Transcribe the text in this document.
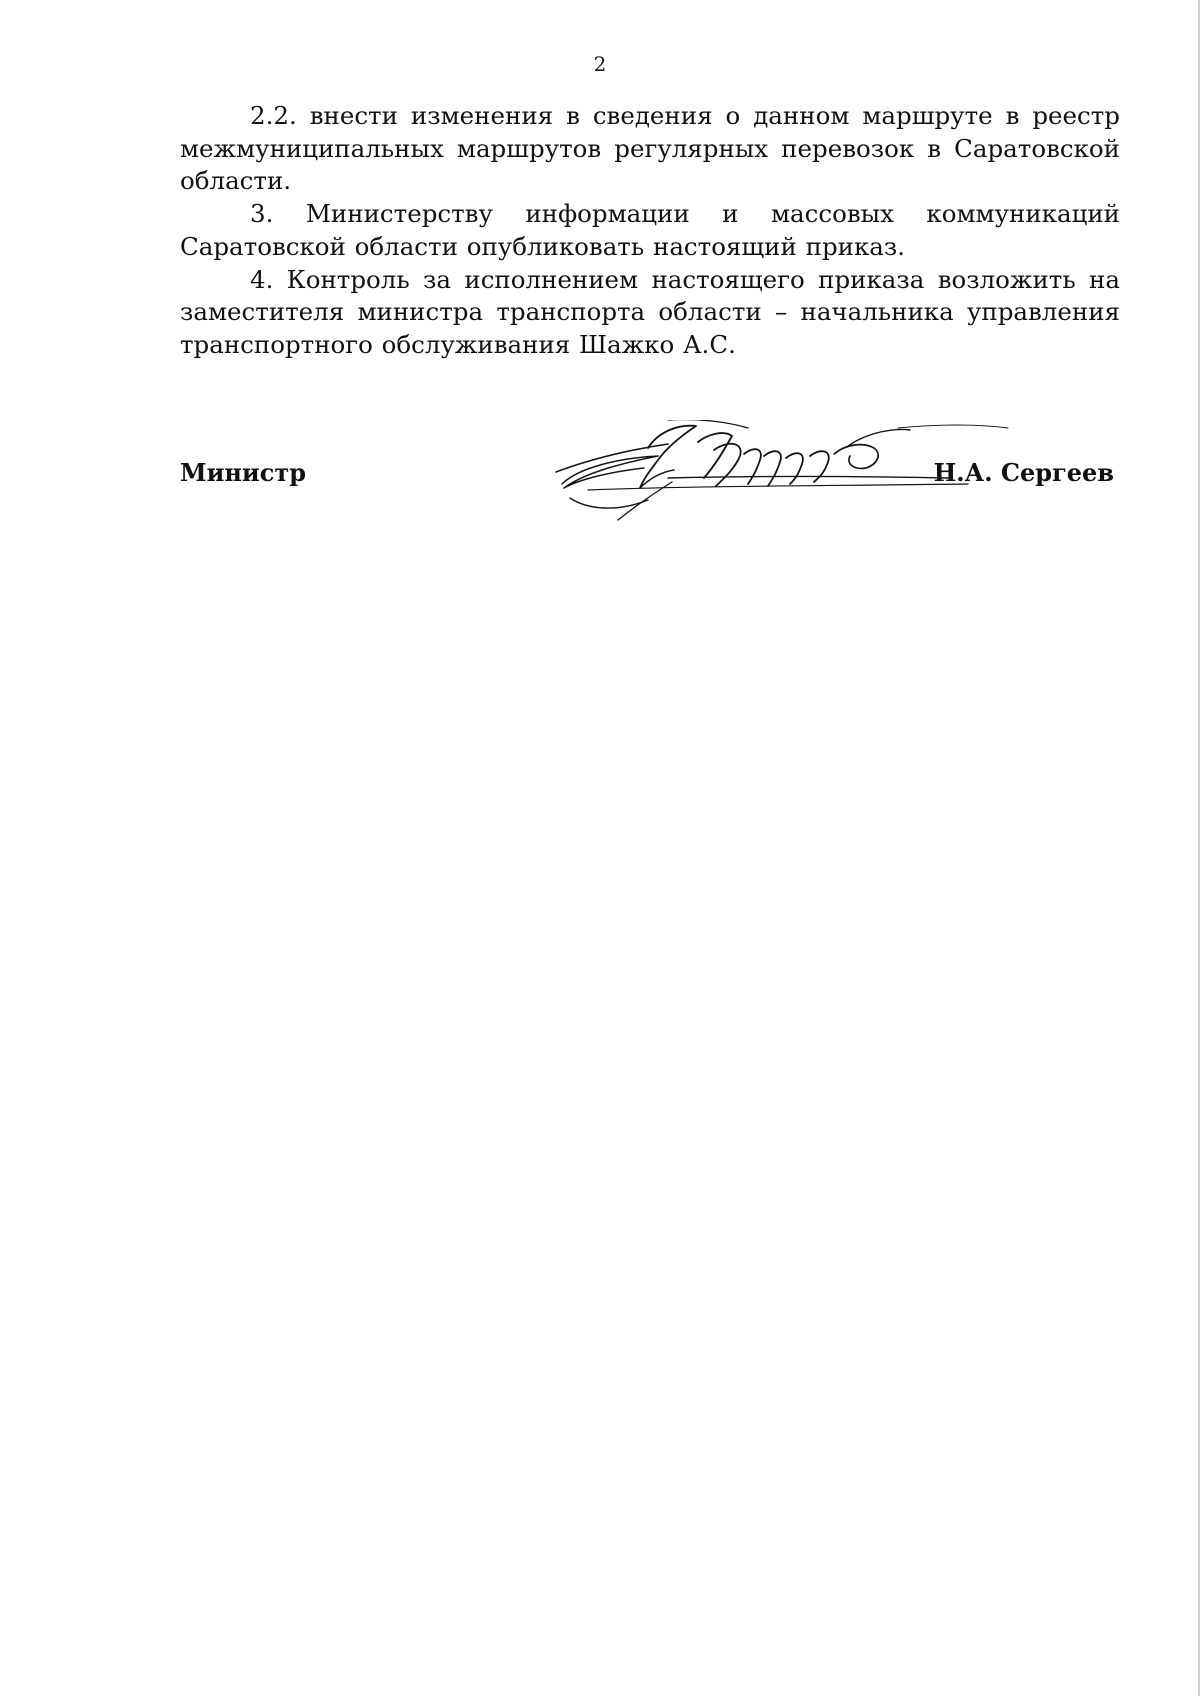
2

2.2. внести изменения в сведения о данном маршруте в реестр межмуниципальных маршрутов регулярных перевозок в Саратовской области.

3. Министерству информации и массовых коммуникаций Саратовской области опубликовать настоящий приказ.

4. Контроль за исполнением настоящего приказа возложить на заместителя министра транспорта области – начальника управления транспортного обслуживания Шажко А.С.

Министр	Н.А. Сергеев
